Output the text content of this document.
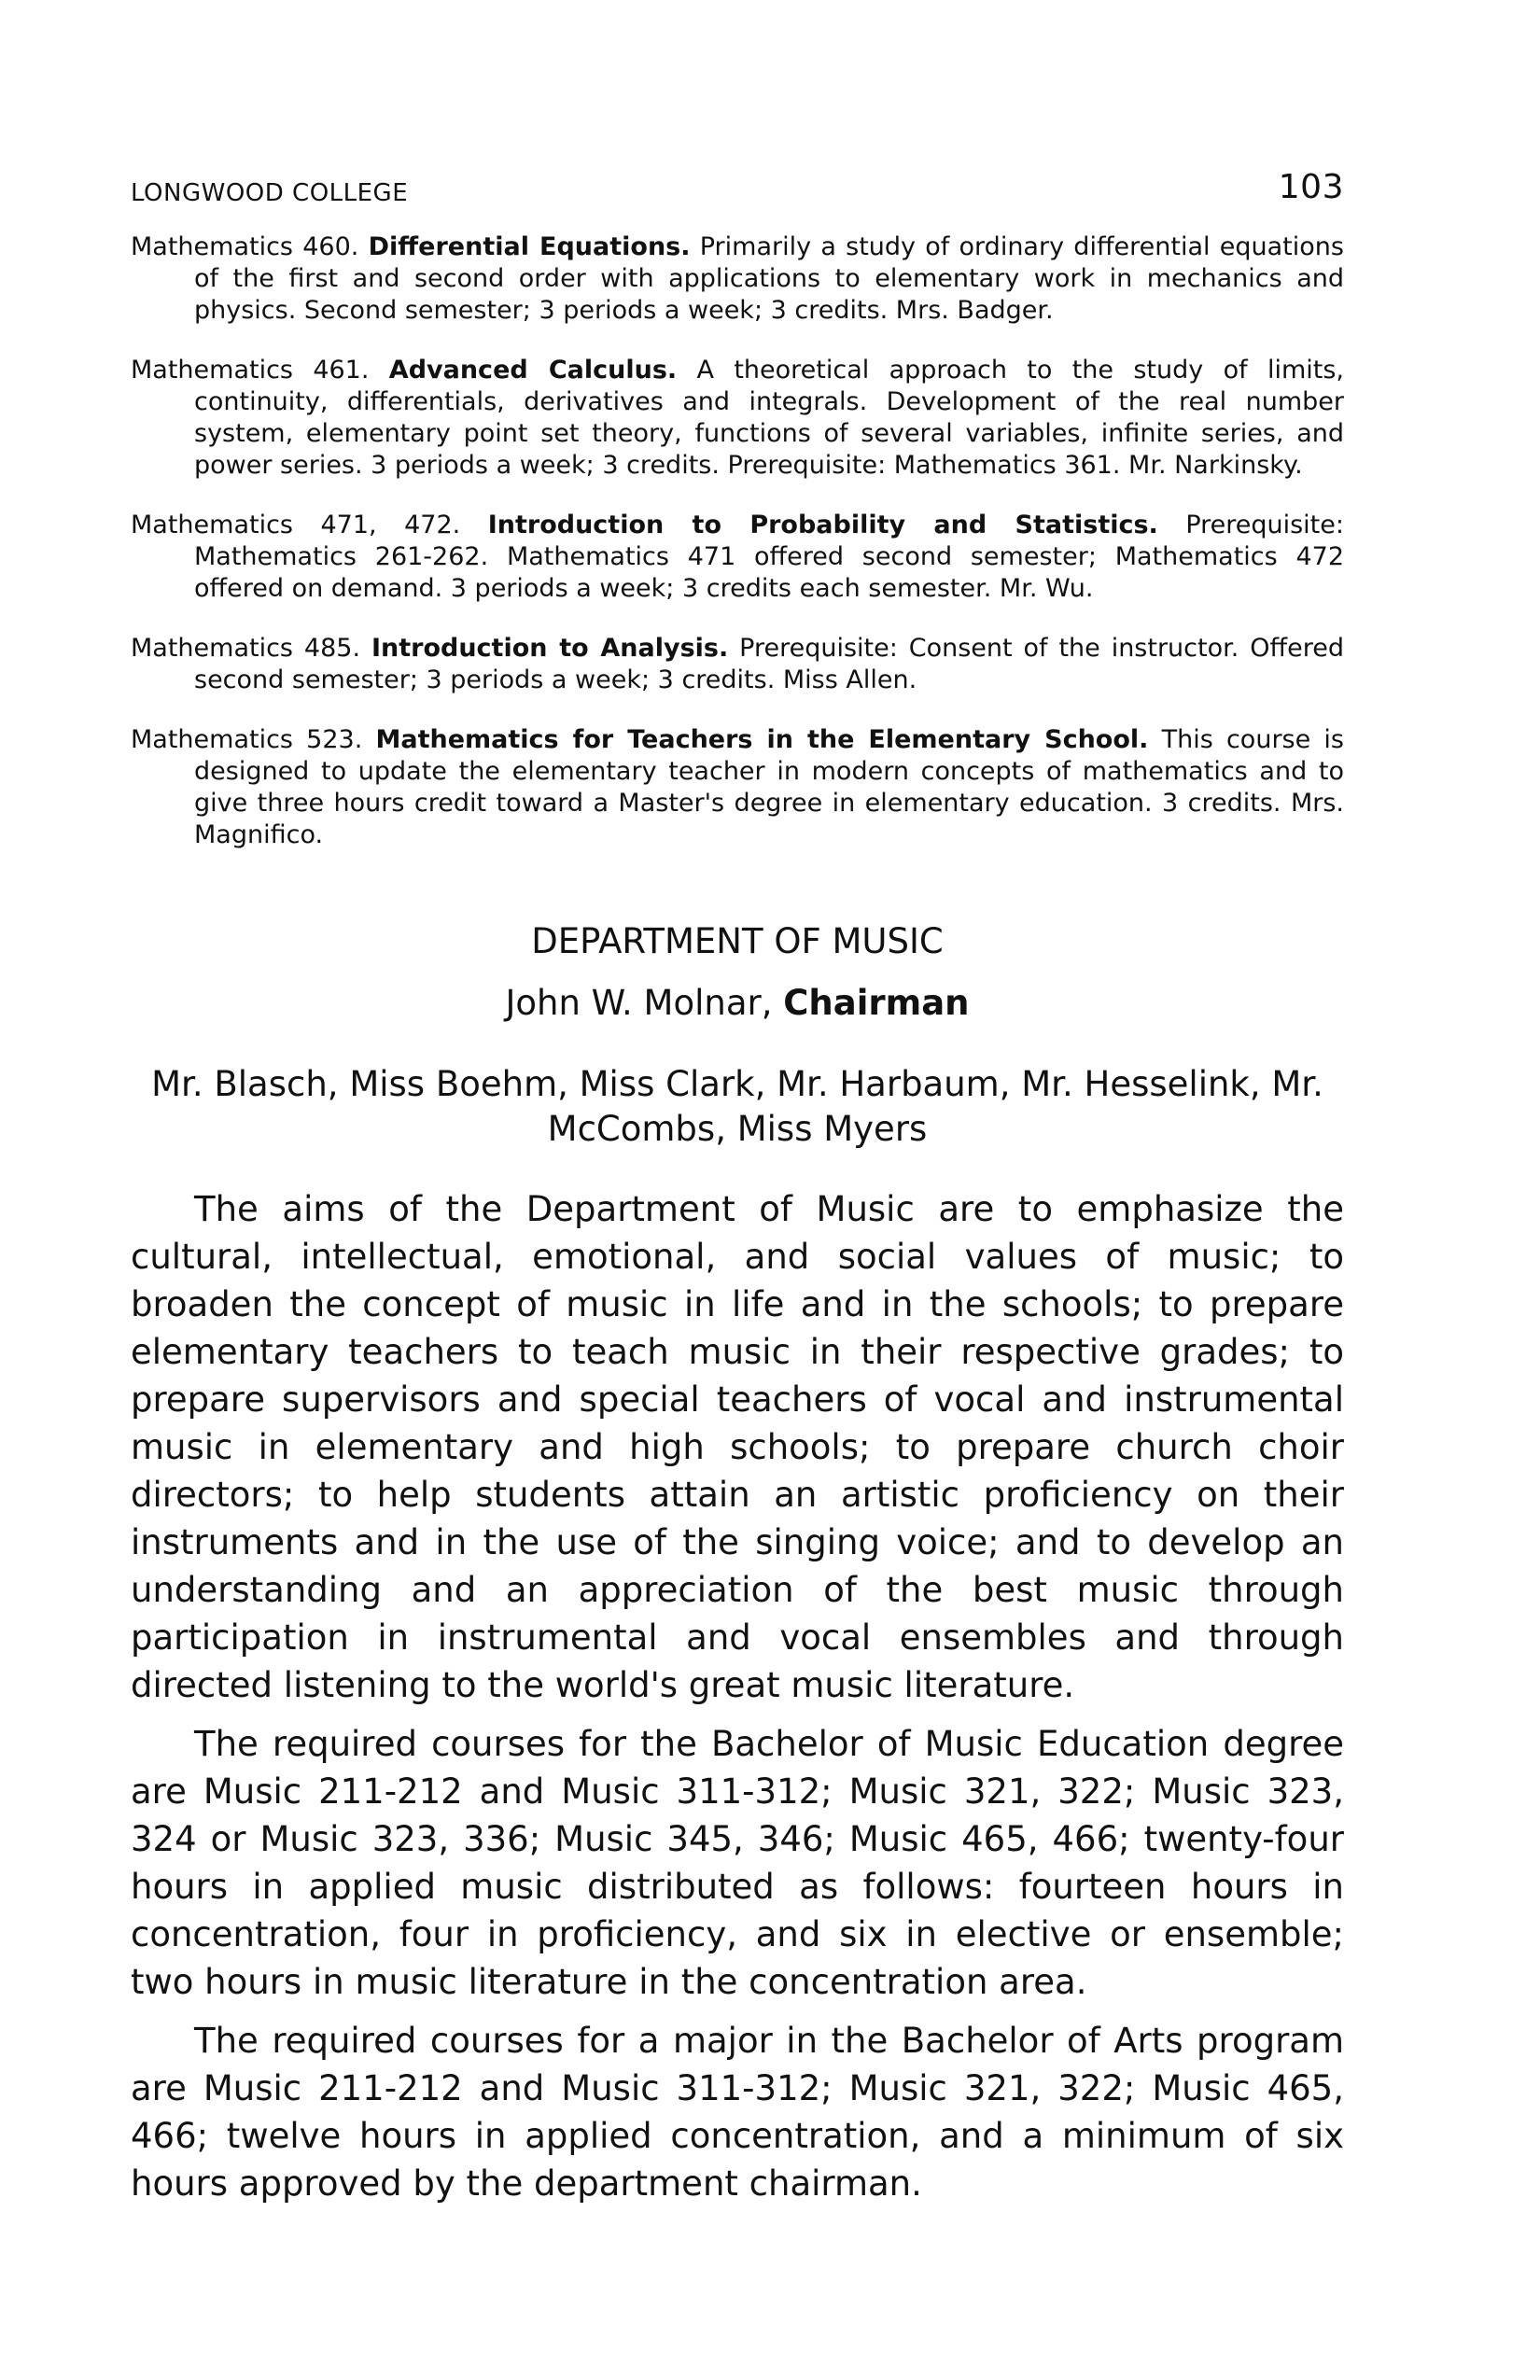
LONGWOOD COLLEGE	103

Mathematics 460. Differential Equations. Primarily a study of ordinary differential equations of the first and second order with applications to elementary work in mechanics and physics. Second semester; 3 periods a week; 3 credits. Mrs. Badger.

Mathematics 461. Advanced Calculus. A theoretical approach to the study of limits, continuity, differentials, derivatives and integrals. Development of the real number system, elementary point set theory, functions of several variables, infinite series, and power series. 3 periods a week; 3 credits. Prerequisite: Mathematics 361. Mr. Narkinsky.

Mathematics 471, 472. Introduction to Probability and Statistics. Prerequisite: Mathematics 261-262. Mathematics 471 offered second semester; Mathematics 472 offered on demand. 3 periods a week; 3 credits each semester. Mr. Wu.

Mathematics 485. Introduction to Analysis. Prerequisite: Consent of the instructor. Offered second semester; 3 periods a week; 3 credits. Miss Allen.

Mathematics 523. Mathematics for Teachers in the Elementary School. This course is designed to update the elementary teacher in modern concepts of mathematics and to give three hours credit toward a Master's degree in elementary education. 3 credits. Mrs. Magnifico.

DEPARTMENT OF MUSIC
John W. Molnar, Chairman
Mr. Blasch, Miss Boehm, Miss Clark, Mr. Harbaum, Mr. Hesselink, Mr. McCombs, Miss Myers

The aims of the Department of Music are to emphasize the cultural, intellectual, emotional, and social values of music; to broaden the concept of music in life and in the schools; to prepare elementary teachers to teach music in their respective grades; to prepare supervisors and special teachers of vocal and instrumental music in elementary and high schools; to prepare church choir directors; to help students attain an artistic proficiency on their instruments and in the use of the singing voice; and to develop an understanding and an appreciation of the best music through participation in instrumental and vocal ensembles and through directed listening to the world's great music literature.

The required courses for the Bachelor of Music Education degree are Music 211-212 and Music 311-312; Music 321, 322; Music 323, 324 or Music 323, 336; Music 345, 346; Music 465, 466; twenty-four hours in applied music distributed as follows: fourteen hours in concentration, four in proficiency, and six in elective or ensemble; two hours in music literature in the concentration area.

The required courses for a major in the Bachelor of Arts program are Music 211-212 and Music 311-312; Music 321, 322; Music 465, 466; twelve hours in applied concentration, and a minimum of six hours approved by the department chairman.
